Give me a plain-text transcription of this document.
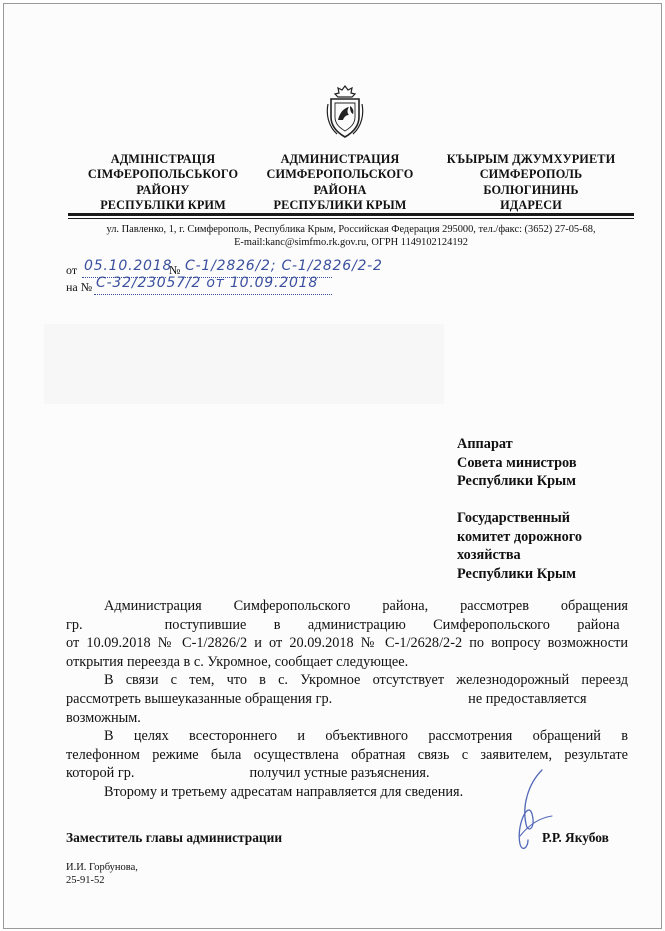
АДМІНІСТРАЦІЯ
СІМФЕРОПОЛЬСЬКОГО
РАЙОНУ
РЕСПУБЛІКИ КРИМ
АДМИНИСТРАЦИЯ
СИМФЕРОПОЛЬСКОГО
РАЙОНА
РЕСПУБЛИКИ КРЫМ
КЪЫРЫМ ДЖУМХУРИЕТИ
СИМФЕРОПОЛЬ
БОЛЮГИНИНЬ
ИДАРЕСИ
ул. Павленко, 1, г. Симферополь, Республика Крым, Российская Федерация 295000, тел./факс: (3652) 27-05-68,
E-mail:kanc@simfmo.rk.gov.ru, ОГРН 1149102124192
от 05.10.2018
№ С-1/2826/2; С-1/2826/2-2
на № С-32/23057/2 от 10.09.2018
Аппарат
Совета министров
Республики Крым
Государственный
комитет дорожного
хозяйства
Республики Крым
Администрация Симферопольского района, рассмотрев обращения
гр.	поступившие в администрацию Симферопольского района
от 10.09.2018 № С-1/2826/2 и от 20.09.2018 № С-1/2628/2-2 по вопросу возможности
открытия переезда в с. Укромное, сообщает следующее.
В связи с тем, что в с. Укромное отсутствует железнодорожный переезд
рассмотреть вышеуказанные обращения гр.	не предоставляется
возможным.
В целях всестороннего и объективного рассмотрения обращений в
телефонном режиме была осуществлена обратная связь с заявителем, результате
которой гр.	получил устные разъяснения.
Второму и третьему адресатам направляется для сведения.
Заместитель главы администрации	Р.Р. Якубов
И.И. Горбунова,
25-91-52
